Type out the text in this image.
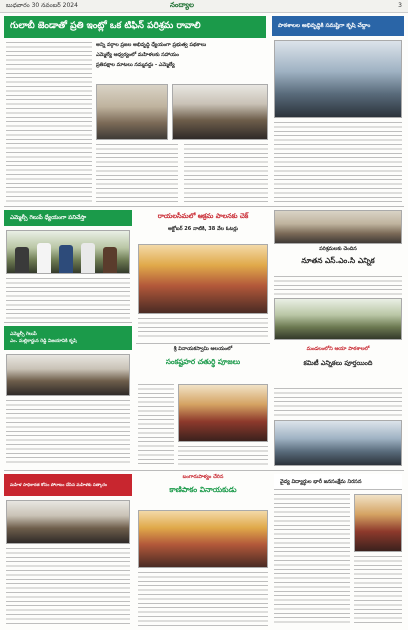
బుధవారం 30 నవంబర్ 2024	నంద్యాల	3
గులాబీ జెండాతో ప్రతి ఇంట్లో ఒక టిఫిన్ పరిశ్రమ రావాలి
అన్ని వర్గాల ప్రజల అభివృద్ధి ధ్యేయంగా ప్రభుత్వ పథకాలు
ఎమ్మెల్యే ఆధ్వర్యంలో మహిళలకు సహాయం
ప్రతిపక్షాల మాటలు నమ్మవద్దు - ఎమ్మెల్యే
పాఠశాలల అభివృద్ధికి సమష్టిగా కృషి చేద్దాం
ఎమ్మెల్సీ గెలుపే ధ్యేయంగా పనిచేస్తా	రాయలసీమలో ఆక్రమ పాలనకు చెక్
అక్టోబర్ 26 నాటికి, 38 వేల ఓటర్లు
పరిశ్రమలకు చెందిన
నూతన ఎస్.ఎం.సి ఎన్నిక
ఎమ్మెల్సీ గెలుపే
ఎం. మల్లికార్జున రెడ్డి విజయానికి కృషి
శ్రీ వినాయకస్వామి ఆలయంలో
సంకష్టహర చతుర్థి పూజలు
మండలంలోని ఆయా పాఠశాలలో
కమిటీ ఎన్నికలు పూర్తయింది
మహిళ సాధికారత కోసం పోరాటం చేసిన మహిళకు సత్కారం
బంగారుపాళ్యం చేరిన
కాణిపాకం వినాయకుడు
వైద్య విద్యార్థుల భారీ జనసంక్షేమ నిరసన
